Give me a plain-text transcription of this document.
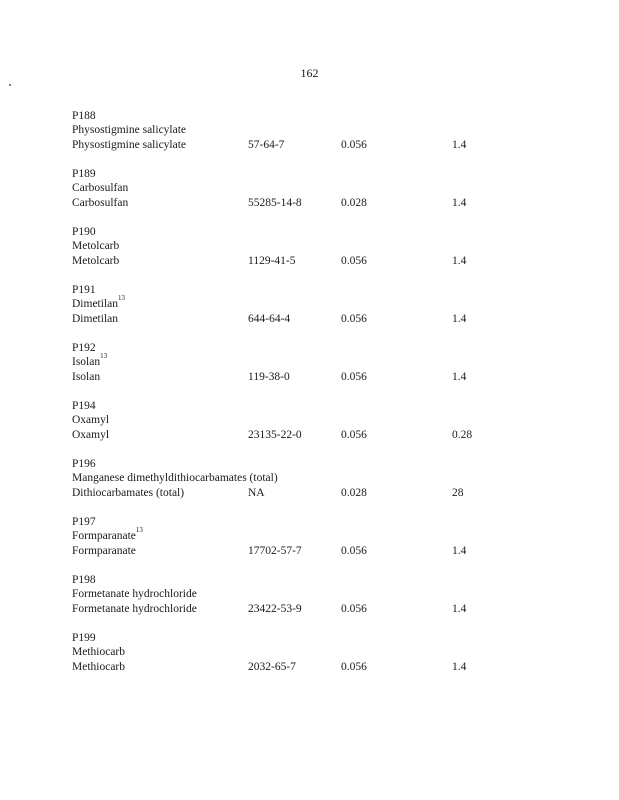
162
P188
Physostigmine salicylate
Physostigmine salicylate	57-64-7	0.056	1.4
P189
Carbosulfan
Carbosulfan	55285-14-8	0.028	1.4
P190
Metolcarb
Metolcarb	1129-41-5	0.056	1.4
P191
Dimetilan$^{13}$
Dimetilan	644-64-4	0.056	1.4
P192
Isolan$^{13}$
Isolan	119-38-0	0.056	1.4
P194
Oxamyl
Oxamyl	23135-22-0	0.056	0.28
P196
Manganese dimethyldithiocarbamates (total)
Dithiocarbamates (total)	NA	0.028	28
P197
Formparanate$^{13}$
Formparanate	17702-57-7	0.056	1.4
P198
Formetanate hydrochloride
Formetanate hydrochloride	23422-53-9	0.056	1.4
P199
Methiocarb
Methiocarb	2032-65-7	0.056	1.4
